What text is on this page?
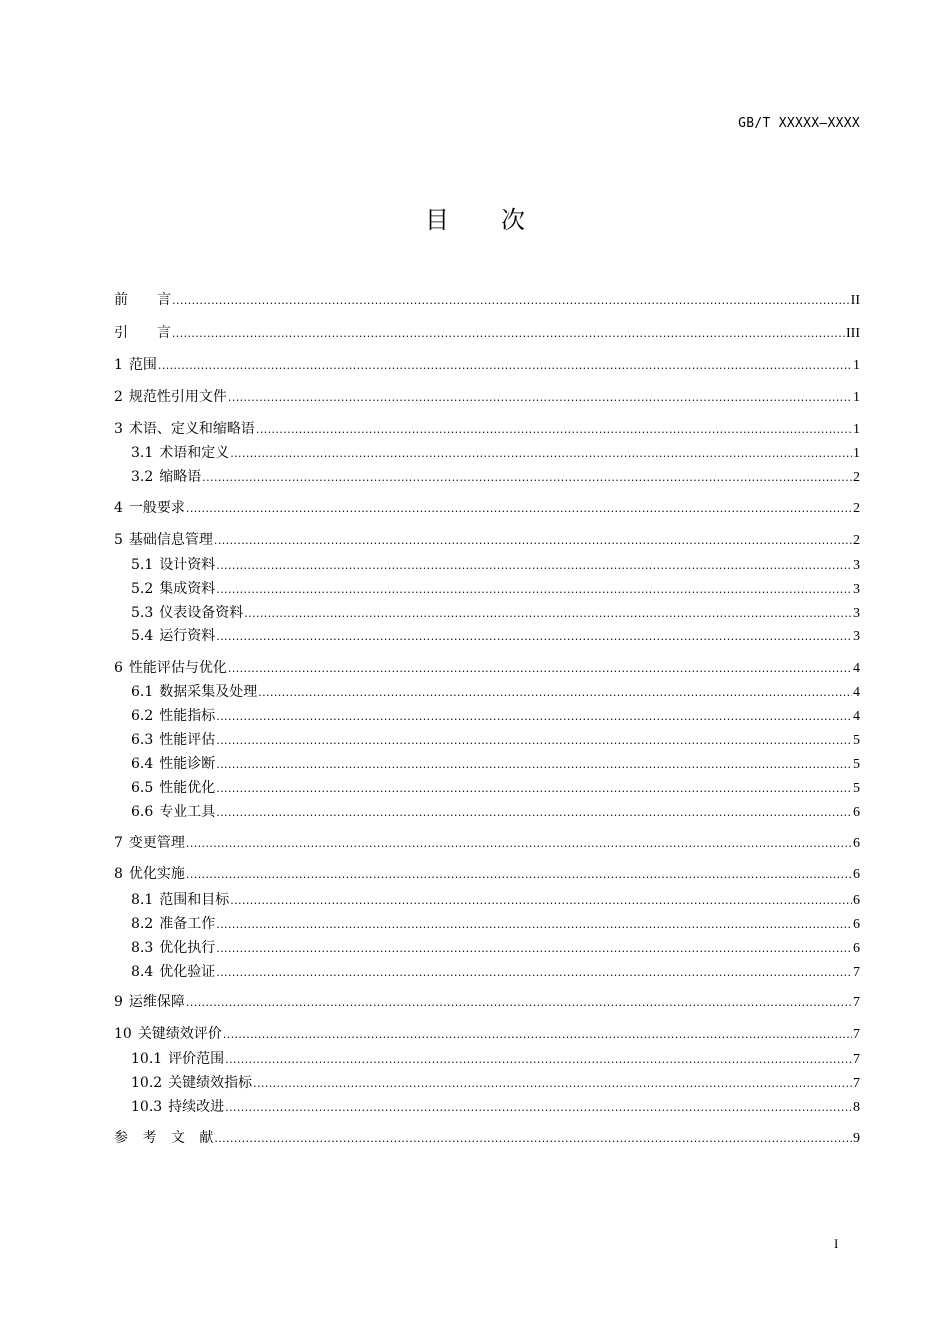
GB/T XXXXX—XXXX
目 次
前	言 .....	II
引	言 .....	III
1 范围 .....	1
2 规范性引用文件 .....	1
3 术语、定义和缩略语 .....	1
3.1 术语和定义 .....	1
3.2 缩略语 .....	2
4 一般要求 .....	2
5 基础信息管理 .....	2
5.1 设计资料 .....	3
5.2 集成资料 .....	3
5.3 仪表设备资料 .....	3
5.4 运行资料 .....	3
6 性能评估与优化 .....	4
6.1 数据采集及处理 .....	4
6.2 性能指标 .....	4
6.3 性能评估 .....	5
6.4 性能诊断 .....	5
6.5 性能优化 .....	5
6.6 专业工具 .....	6
7 变更管理 .....	6
8 优化实施 .....	6
8.1 范围和目标 .....	6
8.2 准备工作 .....	6
8.3 优化执行 .....	6
8.4 优化验证 .....	7
9 运维保障 .....	7
10 关键绩效评价 .....	7
10.1 评价范围 .....	7
10.2 关键绩效指标 .....	7
10.3 持续改进 .....	8
参 考 文 献 .....	9
I
